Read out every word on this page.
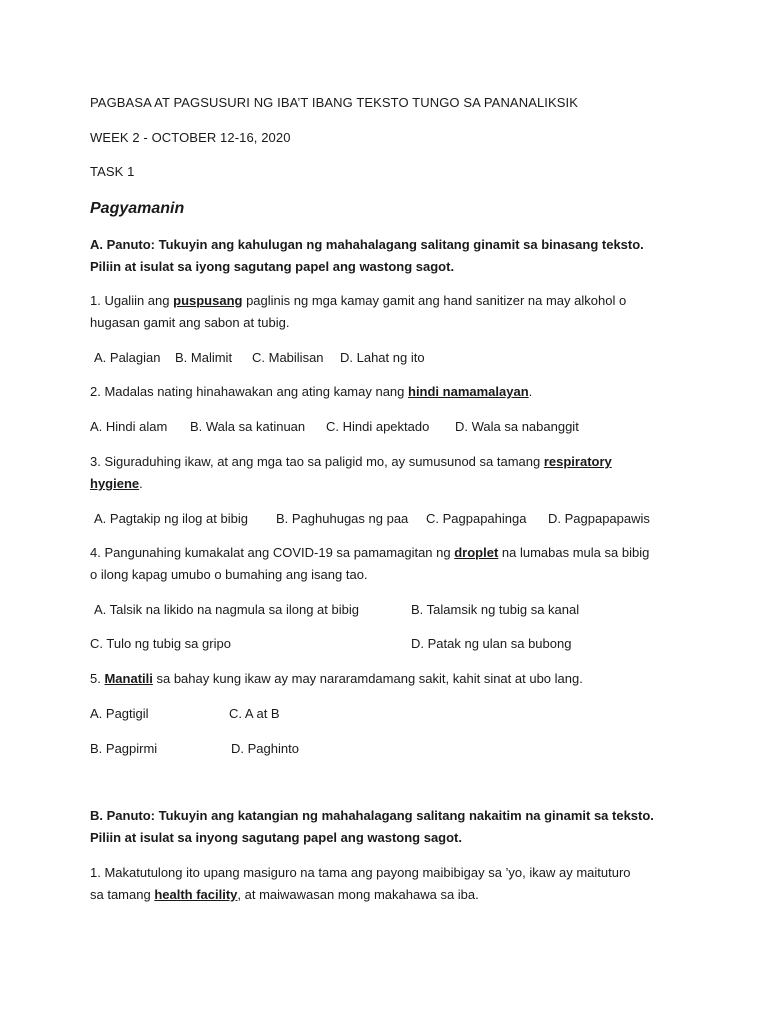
PAGBASA AT PAGSUSURI NG IBA’T IBANG TEKSTO TUNGO SA PANANALIKSIK
WEEK 2 - OCTOBER 12-16, 2020
TASK 1
Pagyamanin
A. Panuto: Tukuyin ang kahulugan ng mahahalagang salitang ginamit sa binasang teksto.
Piliin at isulat sa iyong sagutang papel ang wastong sagot.
1. Ugaliin ang puspusang paglinis ng mga kamay gamit ang hand sanitizer na may alkohol o
hugasan gamit ang sabon at tubig.
A. Palagian B. Malimit C. Mabilisan D. Lahat ng ito
2. Madalas nating hinahawakan ang ating kamay nang hindi namamalayan.
A. Hindi alam B. Wala sa katinuan C. Hindi apektado D. Wala sa nabanggit
3. Siguraduhing ikaw, at ang mga tao sa paligid mo, ay sumusunod sa tamang respiratory
hygiene.
A. Pagtakip ng ilog at bibig B. Paghuhugas ng paa C. Pagpapahinga D. Pagpapapawis
4. Pangunahing kumakalat ang COVID-19 sa pamamagitan ng droplet na lumabas mula sa bibig
o ilong kapag umubo o bumahing ang isang tao.
A. Talsik na likido na nagmula sa ilong at bibig	B. Talamsik ng tubig sa kanal
C. Tulo ng tubig sa gripo	D. Patak ng ulan sa bubong
5. Manatili sa bahay kung ikaw ay may nararamdamang sakit, kahit sinat at ubo lang.
A. Pagtigil	C. A at B
B. Pagpirmi	D. Paghinto
B. Panuto: Tukuyin ang katangian ng mahahalagang salitang nakaitim na ginamit sa teksto.
Piliin at isulat sa inyong sagutang papel ang wastong sagot.
1. Makatutulong ito upang masiguro na tama ang payong maibibigay sa ’yo, ikaw ay maituturo
sa tamang health facility, at maiwawasan mong makahawa sa iba.
